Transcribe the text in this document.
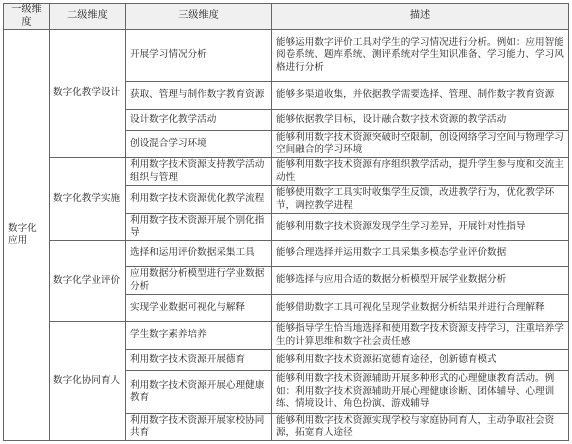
一级维度	二级维度	三级维度	描述
数字化应用	数字化教学设计	开展学习情况分析	能够运用数字评价工具对学生的学习情况进行分析。例如：应用智能阅卷系统、题库系统、测评系统对学生知识准备、学习能力、学习风格进行分析
		获取、管理与制作数字教育资源	能够多渠道收集，并依据教学需要选择、管理、制作数字教育资源
		设计数字化教学活动	能够依据教学目标，设计融合数字技术资源的教学活动
		创设混合学习环境	能够利用数字技术资源突破时空限制，创设网络学习空间与物理学习空间融合的学习环境
	数字化教学实施	利用数字技术资源支持教学活动组织与管理	能够利用数字技术资源有序组织教学活动，提升学生参与度和交流主动性
		利用数字技术资源优化教学流程	能够使用数字工具实时收集学生反馈，改进教学行为，优化教学环节，调控教学进程
		利用数字技术资源开展个别化指导	能够利用数字技术资源发现学生学习差异，开展针对性指导
	数字化学业评价	选择和运用评价数据采集工具	能够合理选择并运用数字工具采集多模态学业评价数据
		应用数据分析模型进行学业数据分析	能够选择与应用合适的数据分析模型开展学业数据分析
		实现学业数据可视化与解释	能够借助数字工具可视化呈现学业数据分析结果并进行合理解释
	数字化协同育人	学生数字素养培养	能够指导学生恰当地选择和使用数字技术资源支持学习，注重培养学生的计算思维和数字社会责任感
		利用数字技术资源开展德育	能够利用数字技术资源拓宽德育途径，创新德育模式
		利用数字技术资源开展心理健康教育	能够利用数字技术资源辅助开展多种形式的心理健康教育活动。例如：利用数字技术资源辅助开展心理健康诊断、团体辅导、心理训练、情境设计、角色扮演、游戏辅导
		利用数字技术资源开展家校协同共育	能够利用数字技术资源实现学校与家庭协同育人，主动争取社会资源，拓宽育人途径
